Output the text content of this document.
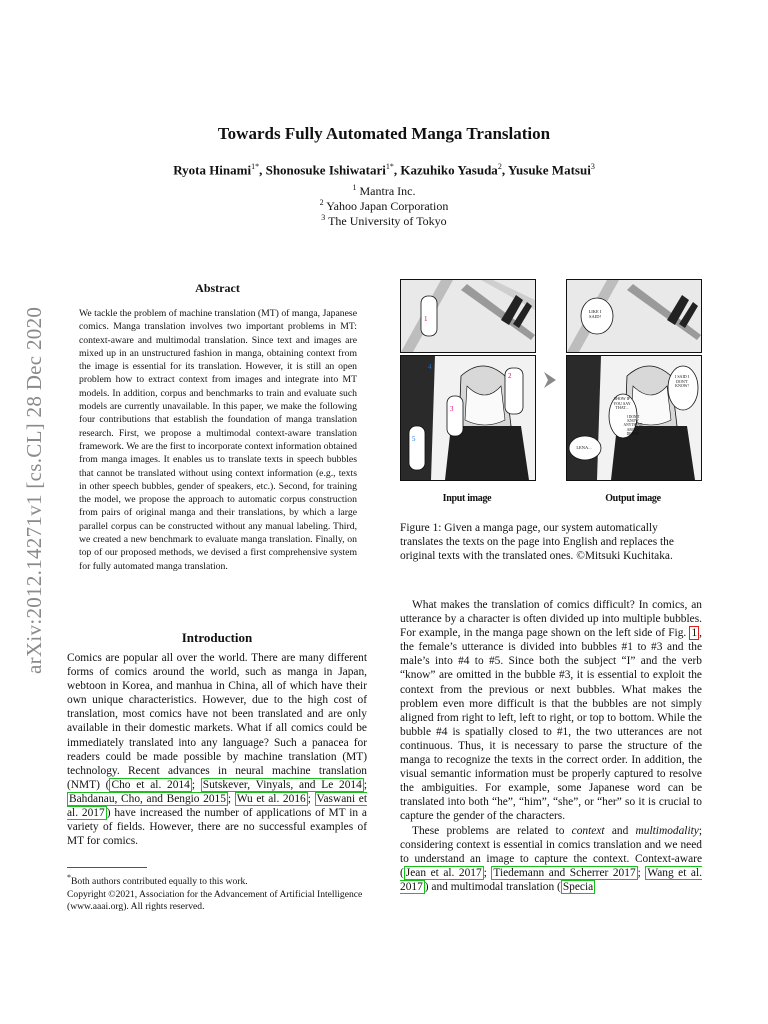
arXiv:2012.14271v1 [cs.CL] 28 Dec 2020
Towards Fully Automated Manga Translation
Ryota Hinami$^{1*}$, Shonosuke Ishiwatari$^{1*}$, Kazuhiko Yasuda$^2$, Yusuke Matsui$^3$
$^1$ Mantra Inc.
$^2$ Yahoo Japan Corporation
$^3$ The University of Tokyo
Abstract
We tackle the problem of machine translation (MT) of manga, Japanese comics. Manga translation involves two important problems in MT: context-aware and multimodal translation. Since text and images are mixed up in an unstructured fashion in manga, obtaining context from the image is essential for its translation. However, it is still an open problem how to extract context from images and integrate into MT models. In addition, corpus and benchmarks to train and evaluate such models are currently unavailable. In this paper, we make the following four contributions that establish the foundation of manga translation research. First, we propose a multimodal context-aware translation framework. We are the first to incorporate context information obtained from manga images. It enables us to translate texts in speech bubbles that cannot be translated without using context information (e.g., texts in other speech bubbles, gender of speakers, etc.). Second, for training the model, we propose the approach to automatic corpus construction from pairs of original manga and their translations, by which a large parallel corpus can be constructed without any manual labeling. Third, we created a new benchmark to evaluate manga translation. Finally, on top of our proposed methods, we devised a first comprehensive system for fully automated manga translation.
Introduction
Comics are popular all over the world. There are many different forms of comics around the world, such as manga in Japan, webtoon in Korea, and manhua in China, all of which have their own unique characteristics. However, due to the high cost of translation, most comics have not been translated and are only available in their domestic markets. What if all comics could be immediately translated into any language? Such a panacea for readers could be made possible by machine translation (MT) technology. Recent advances in neural machine translation (NMT) ( Cho et al. 2014 ; Sutskever, Vinyals, and Le 2014 ; Bahdanau, Cho, and Bengio 2015 ; Wu et al. 2016 ; Vaswani et al. 2017 ) have increased the number of applications of MT in a variety of fields. However, there are no successful examples of MT for comics.
*Both authors contributed equally to this work.
Copyright ©2021, Association for the Advancement of Artificial Intelligence (www.aaai.org). All rights reserved.
1
2
3
4
5
LIKE I SAID!
SHOW IF YOU SAY THAT...
I SAID I DON'T KNOW!
I DON'T KNOW ANYTHING ABOUT DEATH.
LENA...
Input image	Output image
Figure 1: Given a manga page, our system automatically translates the texts on the page into English and replaces the original texts with the translated ones. ©Mitsuki Kuchitaka.
What makes the translation of comics difficult? In comics, an utterance by a character is often divided up into multiple bubbles. For example, in the manga page shown on the left side of Fig. 1 , the female’s utterance is divided into bubbles #1 to #3 and the male’s into #4 to #5. Since both the subject “I” and the verb “know” are omitted in the bubble #3, it is essential to exploit the context from the previous or next bubbles. What makes the problem even more difficult is that the bubbles are not simply aligned from right to left, left to right, or top to bottom. While the bubble #4 is spatially closed to #1, the two utterances are not continuous. Thus, it is necessary to parse the structure of the manga to recognize the texts in the correct order. In addition, the visual semantic information must be properly captured to resolve the ambiguities. For example, some Japanese word can be translated into both “he”, “him”, “she”, or “her” so it is crucial to capture the gender of the characters.
These problems are related to context and multimodality; considering context is essential in comics translation and we need to understand an image to capture the context. Context-aware ( Jean et al. 2017 ; Tiedemann and Scherrer 2017 ; Wang et al. 2017 ) and multimodal translation ( Specia
